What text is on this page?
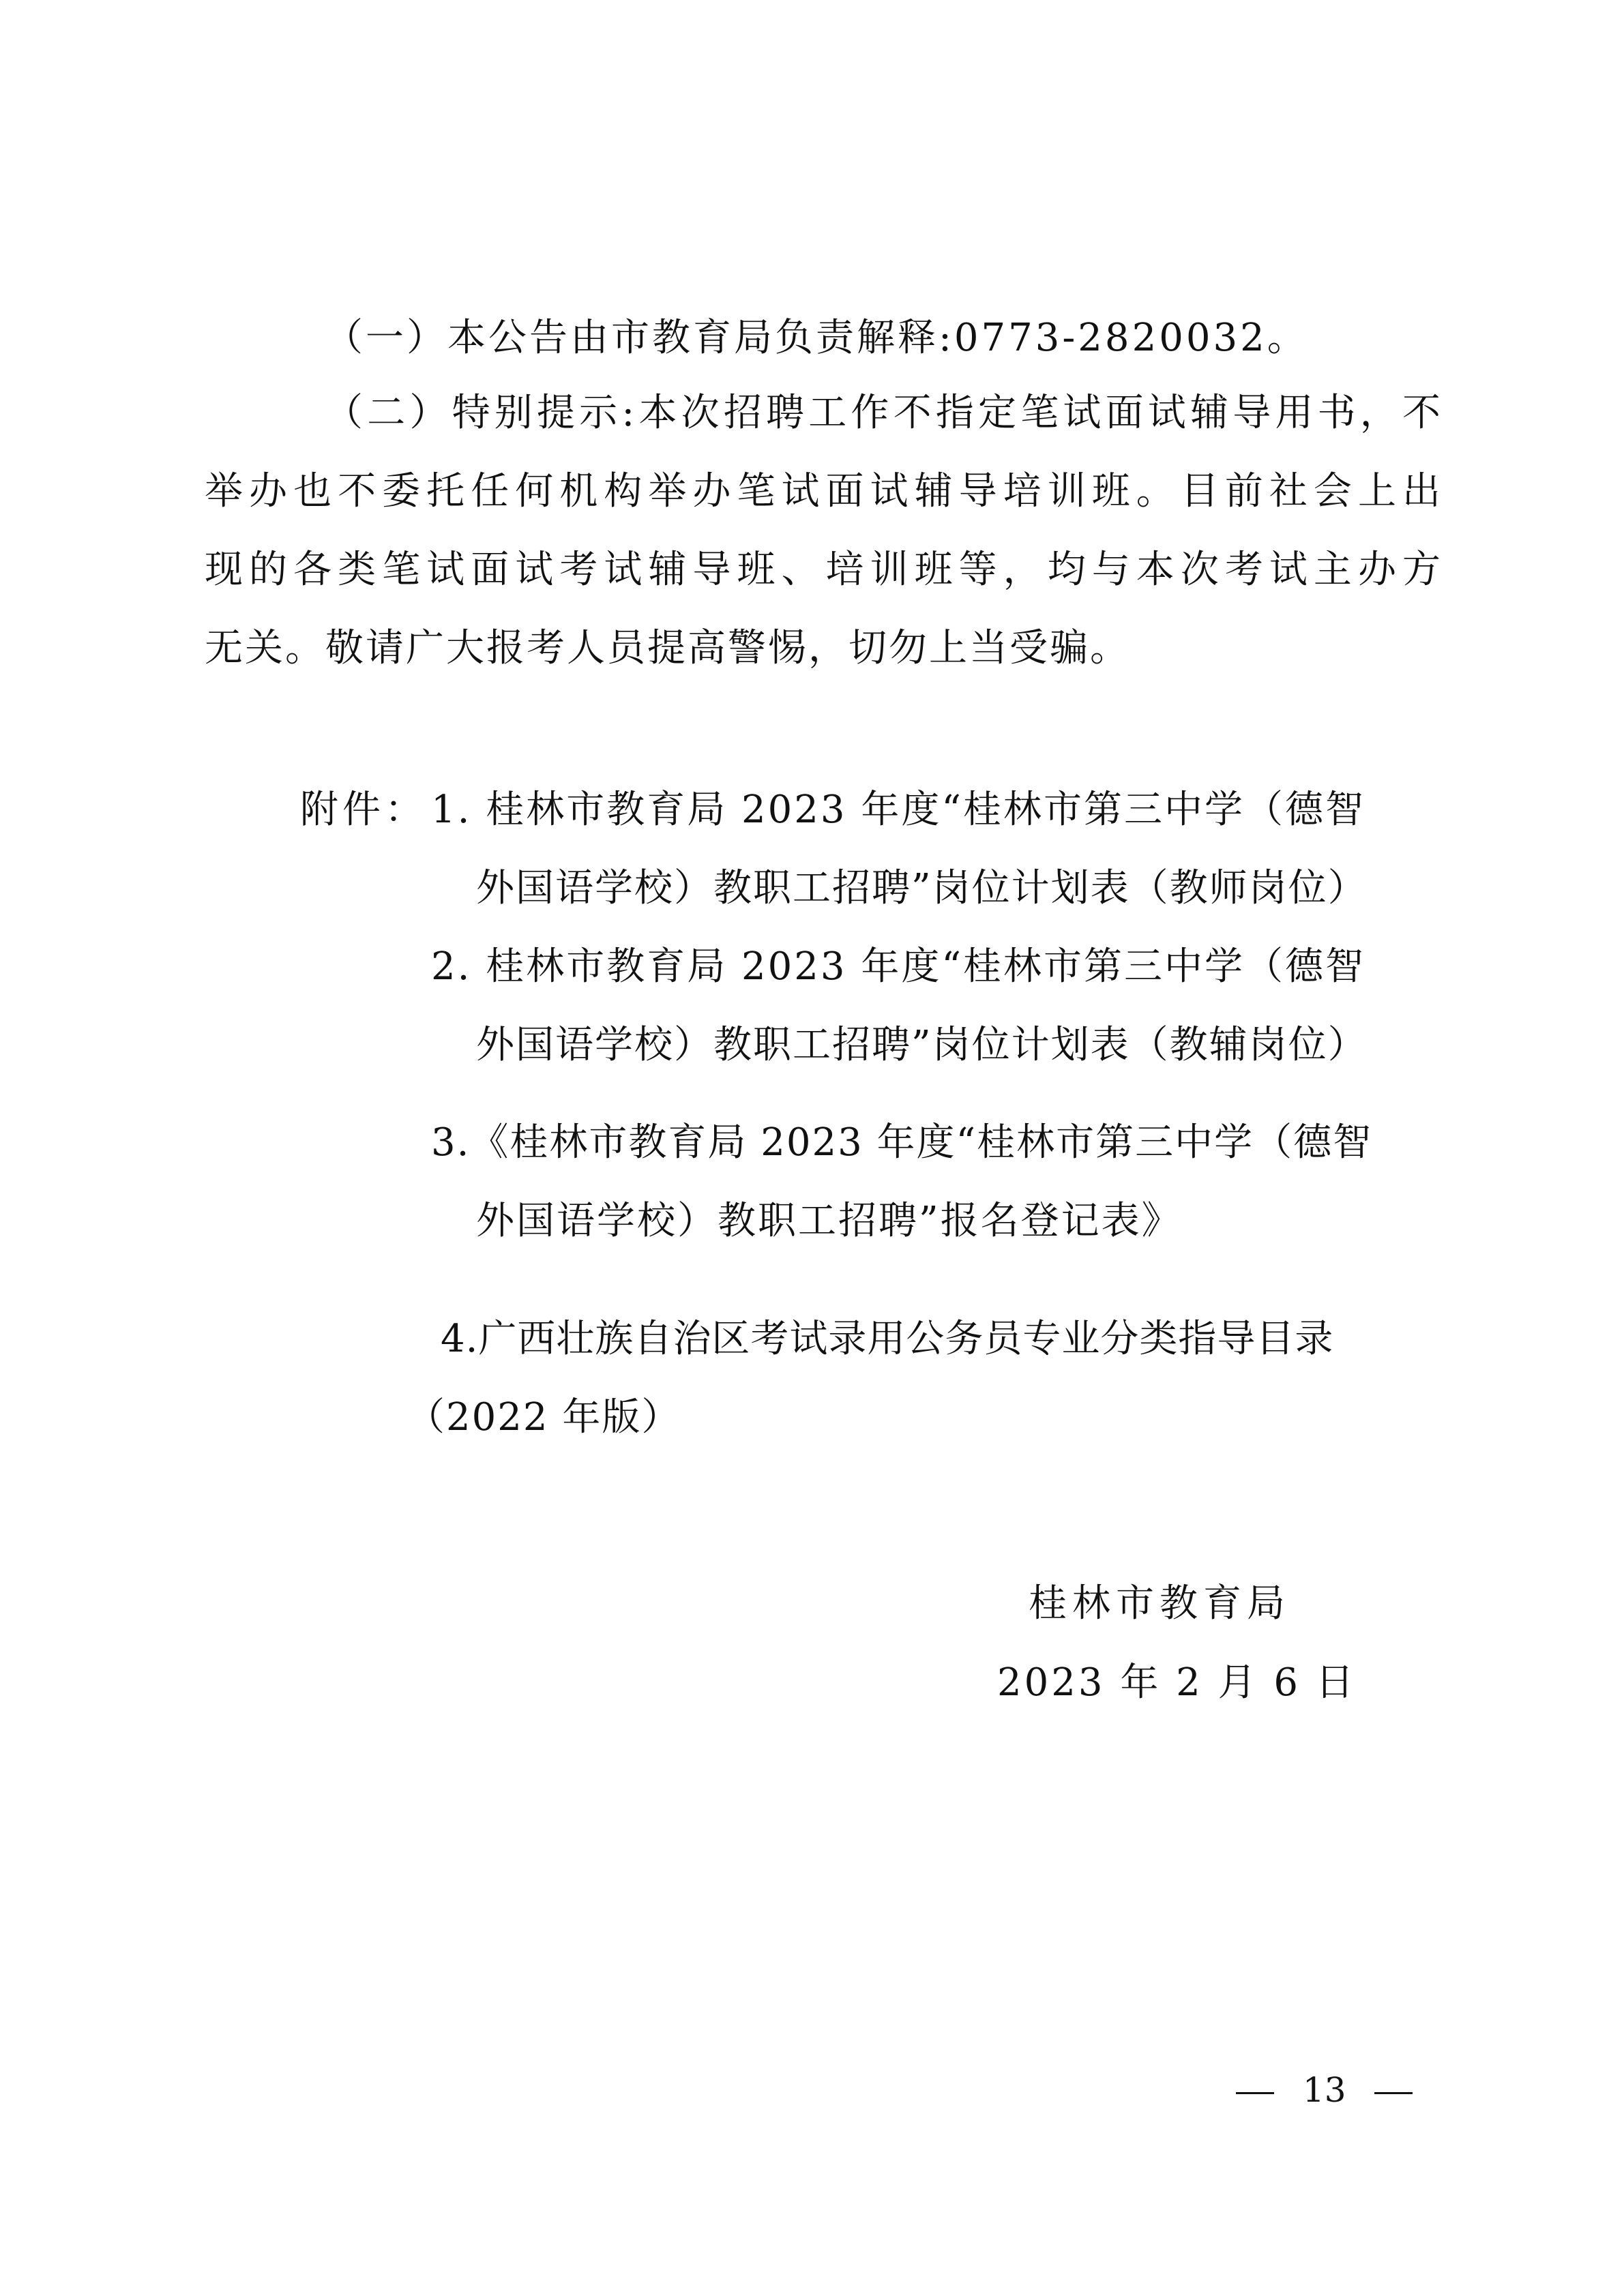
（一）本公告由市教育局负责解释:0773-2820032。
（二）特别提示:本次招聘工作不指定笔试面试辅导用书，不
举办也不委托任何机构举办笔试面试辅导培训班。目前社会上出
现的各类笔试面试考试辅导班、培训班等，均与本次考试主办方
无关。敬请广大报考人员提高警惕，切勿上当受骗。
附件： 1. 桂林市教育局 2023 年度“桂林市第三中学（德智
外国语学校）教职工招聘”岗位计划表（教师岗位）
2. 桂林市教育局 2023 年度“桂林市第三中学（德智
外国语学校）教职工招聘”岗位计划表（教辅岗位）
3.《桂林市教育局 2023 年度“桂林市第三中学（德智
外国语学校）教职工招聘”报名登记表》
4.广西壮族自治区考试录用公务员专业分类指导目录
（2022 年版）
桂林市教育局
2023 年 2 月 6 日
13
